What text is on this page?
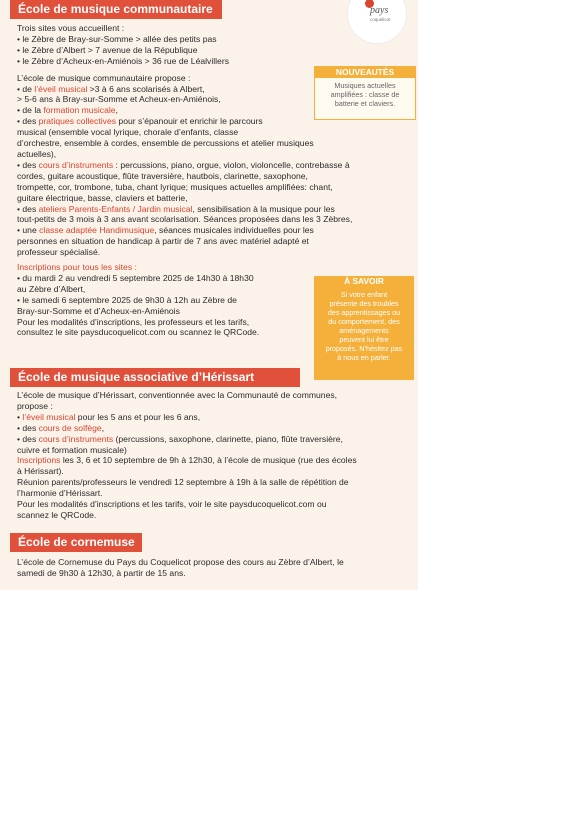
pays
coquelicot
École de musique communautaire
Trois sites vous accueillent :
• le Zèbre de Bray-sur-Somme > allée des petits pas
• le Zèbre d’Albert > 7 avenue de la République
• le Zèbre d’Acheux-en-Amiénois > 36 rue de Léalvillers
L’école de musique communautaire propose :
• de l’éveil musical >3 à 6 ans scolarisés à Albert,
> 5-6 ans à Bray-sur-Somme et Acheux-en-Amiénois,
• de la formation musicale,
• des pratiques collectives pour s’épanouir et enrichir le parcours
musical (ensemble vocal lyrique, chorale d’enfants, classe
d’orchestre, ensemble à cordes, ensemble de percussions et atelier musiques
actuelles),
• des cours d’instruments : percussions, piano, orgue, violon, violoncelle, contrebasse à
cordes, guitare acoustique, flûte traversière, hautbois, clarinette, saxophone,
trompette, cor, trombone, tuba, chant lyrique; musiques actuelles amplifiées: chant,
guitare électrique, basse, claviers et batterie,
• des ateliers Parents-Enfants / Jardin musical, sensibilisation à la musique pour les
tout-petits de 3 mois à 3 ans avant scolarisation. Séances proposées dans les 3 Zèbres,
• une classe adaptée Handimusique, séances musicales individuelles pour les
personnes en situation de handicap à partir de 7 ans avec matériel adapté et
professeur spécialisé.
Inscriptions pour tous les sites :
• du mardi 2 au vendredi 5 septembre 2025 de 14h30 à 18h30
au Zèbre d’Albert,
• le samedi 6 septembre 2025 de 9h30 à 12h au Zèbre de
Bray-sur-Somme et d’Acheux-en-Amiénois
Pour les modalités d’inscriptions, les professeurs et les tarifs,
consultez le site paysducoquelicot.com ou scannez le QRCode.
NOUVEAUTÉS
Musiques actuelles
amplifiées : classe de
batterie et claviers.
À SAVOIR
Si votre enfant
présente des troubles
des apprentissages ou
du comportement, des
aménagements
peuvent lui être
proposés. N’hésitez pas
à nous en parler.
École de musique associative d’Hérissart
L’école de musique d’Hérissart, conventionnée avec la Communauté de communes,
propose :
• l’éveil musical pour les 5 ans et pour les 6 ans,
• des cours de solfège,
• des cours d’instruments (percussions, saxophone, clarinette, piano, flûte traversière,
cuivre et formation musicale)
Inscriptions les 3, 6 et 10 septembre de 9h à 12h30, à l’école de musique (rue des écoles
à Hérissart).
Réunion parents/professeurs le vendredi 12 septembre à 19h à la salle de répétition de
l’harmonie d’Hérissart.
Pour les modalités d’inscriptions et les tarifs, voir le site paysducoquelicot.com ou
scannez le QRCode.
École de cornemuse
L’école de Cornemuse du Pays du Coquelicot propose des cours au Zèbre d’Albert, le
samedi de 9h30 à 12h30, à partir de 15 ans.
